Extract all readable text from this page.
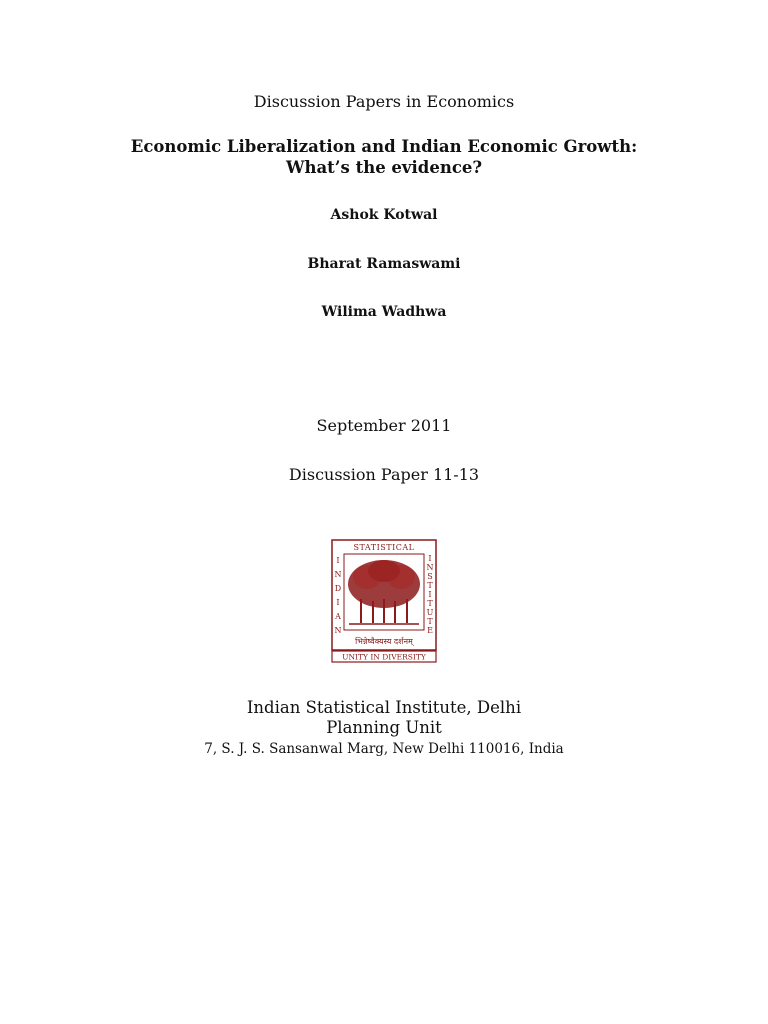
Discussion Papers in Economics
Economic Liberalization and Indian Economic Growth:
What’s the evidence?
Ashok Kotwal
Bharat Ramaswami
Wilima Wadhwa
September 2011
Discussion Paper 11-13
STATISTICAL
I
N
D
I
A
N
I
N
S
T
I
T
U
T
E
भिन्नेष्वैक्यस्य दर्शनम्
UNITY IN DIVERSITY
Indian Statistical Institute, Delhi
Planning Unit
7, S. J. S. Sansanwal Marg, New Delhi 110016, India
